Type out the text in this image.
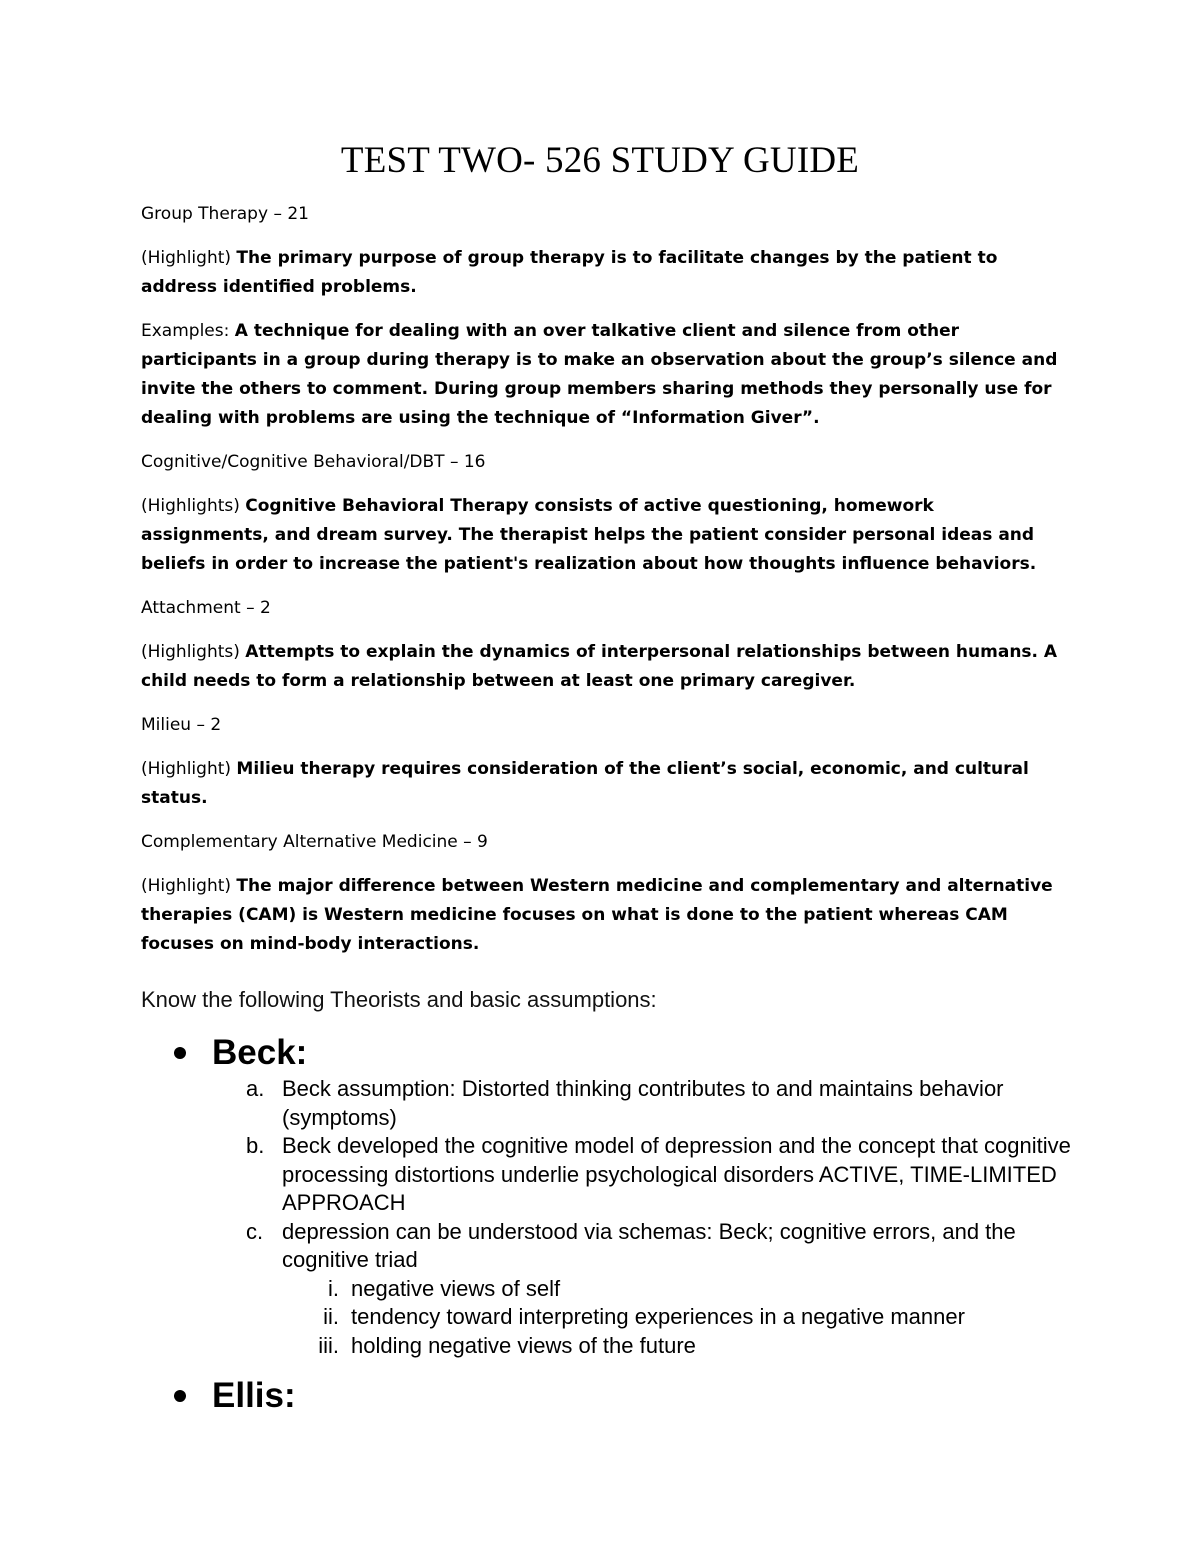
TEST TWO- 526 STUDY GUIDE

Group Therapy – 21

(Highlight) The primary purpose of group therapy is to facilitate changes by the patient to address identified problems.

Examples: A technique for dealing with an over talkative client and silence from other participants in a group during therapy is to make an observation about the group’s silence and invite the others to comment. During group members sharing methods they personally use for dealing with problems are using the technique of “Information Giver”.

Cognitive/Cognitive Behavioral/DBT – 16

(Highlights) Cognitive Behavioral Therapy consists of active questioning, homework assignments, and dream survey. The therapist helps the patient consider personal ideas and beliefs in order to increase the patient's realization about how thoughts influence behaviors.

Attachment – 2

(Highlights) Attempts to explain the dynamics of interpersonal relationships between humans. A child needs to form a relationship between at least one primary caregiver.

Milieu – 2

(Highlight) Milieu therapy requires consideration of the client’s social, economic, and cultural status.

Complementary Alternative Medicine – 9

(Highlight) The major difference between Western medicine and complementary and alternative therapies (CAM) is Western medicine focuses on what is done to the patient whereas CAM focuses on mind-body interactions.

Know the following Theorists and basic assumptions:

Beck:
a. Beck assumption: Distorted thinking contributes to and maintains behavior (symptoms)
b. Beck developed the cognitive model of depression and the concept that cognitive processing distortions underlie psychological disorders ACTIVE, TIME-LIMITED APPROACH
c. depression can be understood via schemas: Beck; cognitive errors, and the cognitive triad
i. negative views of self
ii. tendency toward interpreting experiences in a negative manner
iii. holding negative views of the future
Ellis:
